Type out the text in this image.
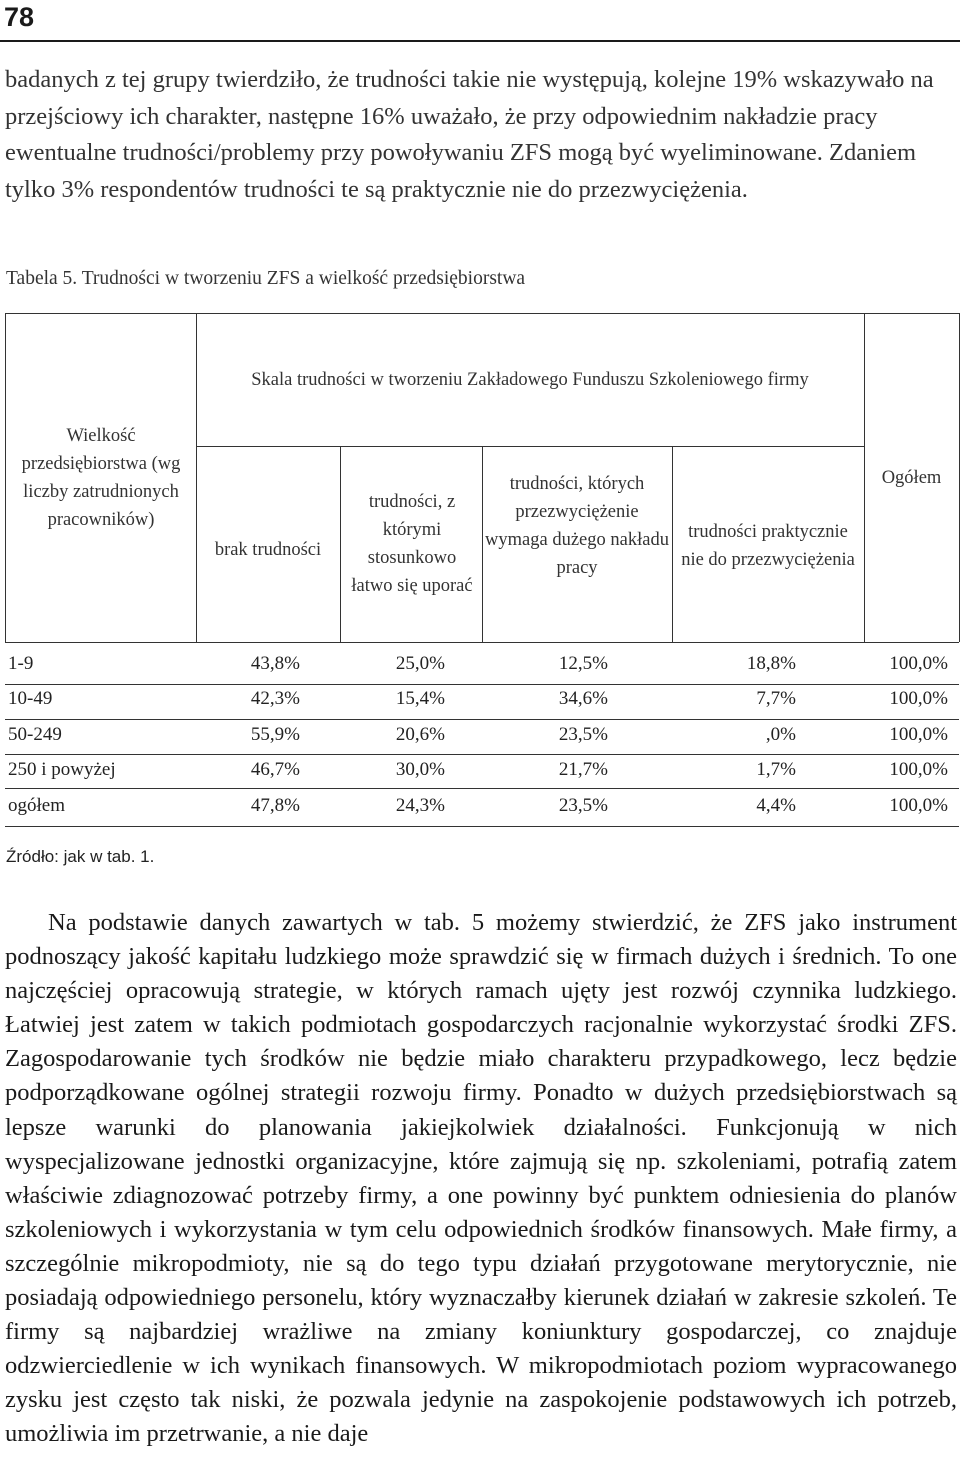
78
badanych z tej grupy twierdziło, że trudności takie nie występują, kolejne 19% wskazywało na przejściowy ich charakter, następne 16% uważało, że przy odpowiednim nakładzie pracy ewentualne trudności/problemy przy powoływaniu ZFS mogą być wyeliminowane. Zdaniem tylko 3% respondentów trudności te są praktycznie nie do przezwyciężenia.
Tabela 5. Trudności w tworzeniu ZFS a wielkość przedsiębiorstwa
Wielkość przedsiębiorstwa (wg liczby zatrudnionych pracowników)
Skala trudności w tworzeniu Zakładowego Funduszu Szkoleniowego firmy
Ogółem
brak trudności
trudności, z którymi stosunkowo łatwo się uporać
trudności, których przezwyciężenie wymaga dużego nakładu pracy
trudności praktycznie nie do przezwyciężenia
1-9	43,8%	25,0%	12,5%	18,8%	100,0%
10-49	42,3%	15,4%	34,6%	7,7%	100,0%
50-249	55,9%	20,6%	23,5%	,0%	100,0%
250 i powyżej	46,7%	30,0%	21,7%	1,7%	100,0%
ogółem	47,8%	24,3%	23,5%	4,4%	100,0%
Źródło: jak w tab. 1.

Na podstawie danych zawartych w tab. 5 możemy stwierdzić, że ZFS jako instrument podnoszący jakość kapitału ludzkiego może sprawdzić się w firmach dużych i średnich. To one najczęściej opracowują strategie, w których ramach ujęty jest rozwój czynnika ludzkiego. Łatwiej jest zatem w takich podmiotach gospodarczych racjonalnie wykorzystać środki ZFS. Zagospodarowanie tych środków nie będzie miało charakteru przypadkowego, lecz będzie podporządkowane ogólnej strategii rozwoju firmy. Ponadto w dużych przedsiębiorstwach są lepsze warunki do planowania jakiejkolwiek działalności. Funkcjonują w nich wyspecjalizowane jednostki organizacyjne, które zajmują się np. szkoleniami, potrafią zatem właściwie zdiagnozować potrzeby firmy, a one powinny być punktem odniesienia do planów szkoleniowych i wykorzystania w tym celu odpowiednich środków finansowych. Małe firmy, a szczególnie mikropodmioty, nie są do tego typu działań przygotowane merytorycznie, nie posiadają odpowiedniego personelu, który wyznaczałby kierunek działań w zakresie szkoleń. Te firmy są najbardziej wrażliwe na zmiany koniunktury gospodarczej, co znajduje odzwierciedlenie w ich wynikach finansowych. W mikropodmiotach poziom wypracowanego zysku jest często tak niski, że pozwala jedynie na zaspokojenie podstawowych ich potrzeb, umożliwia im przetrwanie, a nie daje
